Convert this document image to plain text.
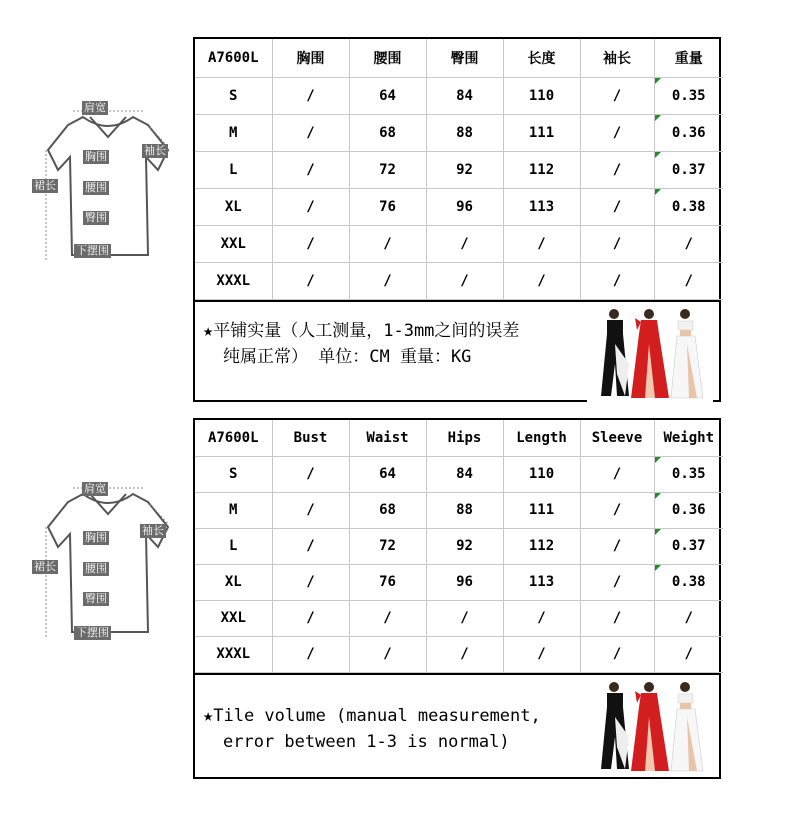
肩宽
袖长
胸围
裙长	腰围
臀围
下摆围
肩宽
袖长
胸围
裙长	腰围
臀围
下摆围
A7600L	胸围	腰围	臀围	长度	袖长	重量
S	/	64	84	110	/	0.35
M	/	68	88	111	/	0.36
L	/	72	92	112	/	0.37
XL	/	76	96	113	/	0.38
XXL	/	/	/	/	/	/
XXXL	/	/	/	/	/	/
★平铺实量（人工测量，1-3mm之间的误差
纯属正常） 单位：CM 重量：KG
A7600L	Bust	Waist	Hips	Length	Sleeve	Weight
S	/	64	84	110	/	0.35
M	/	68	88	111	/	0.36
L	/	72	92	112	/	0.37
XL	/	76	96	113	/	0.38
XXL	/	/	/	/	/	/
XXXL	/	/	/	/	/	/
★Tile volume (manual measurement,
error between 1-3 is normal)
